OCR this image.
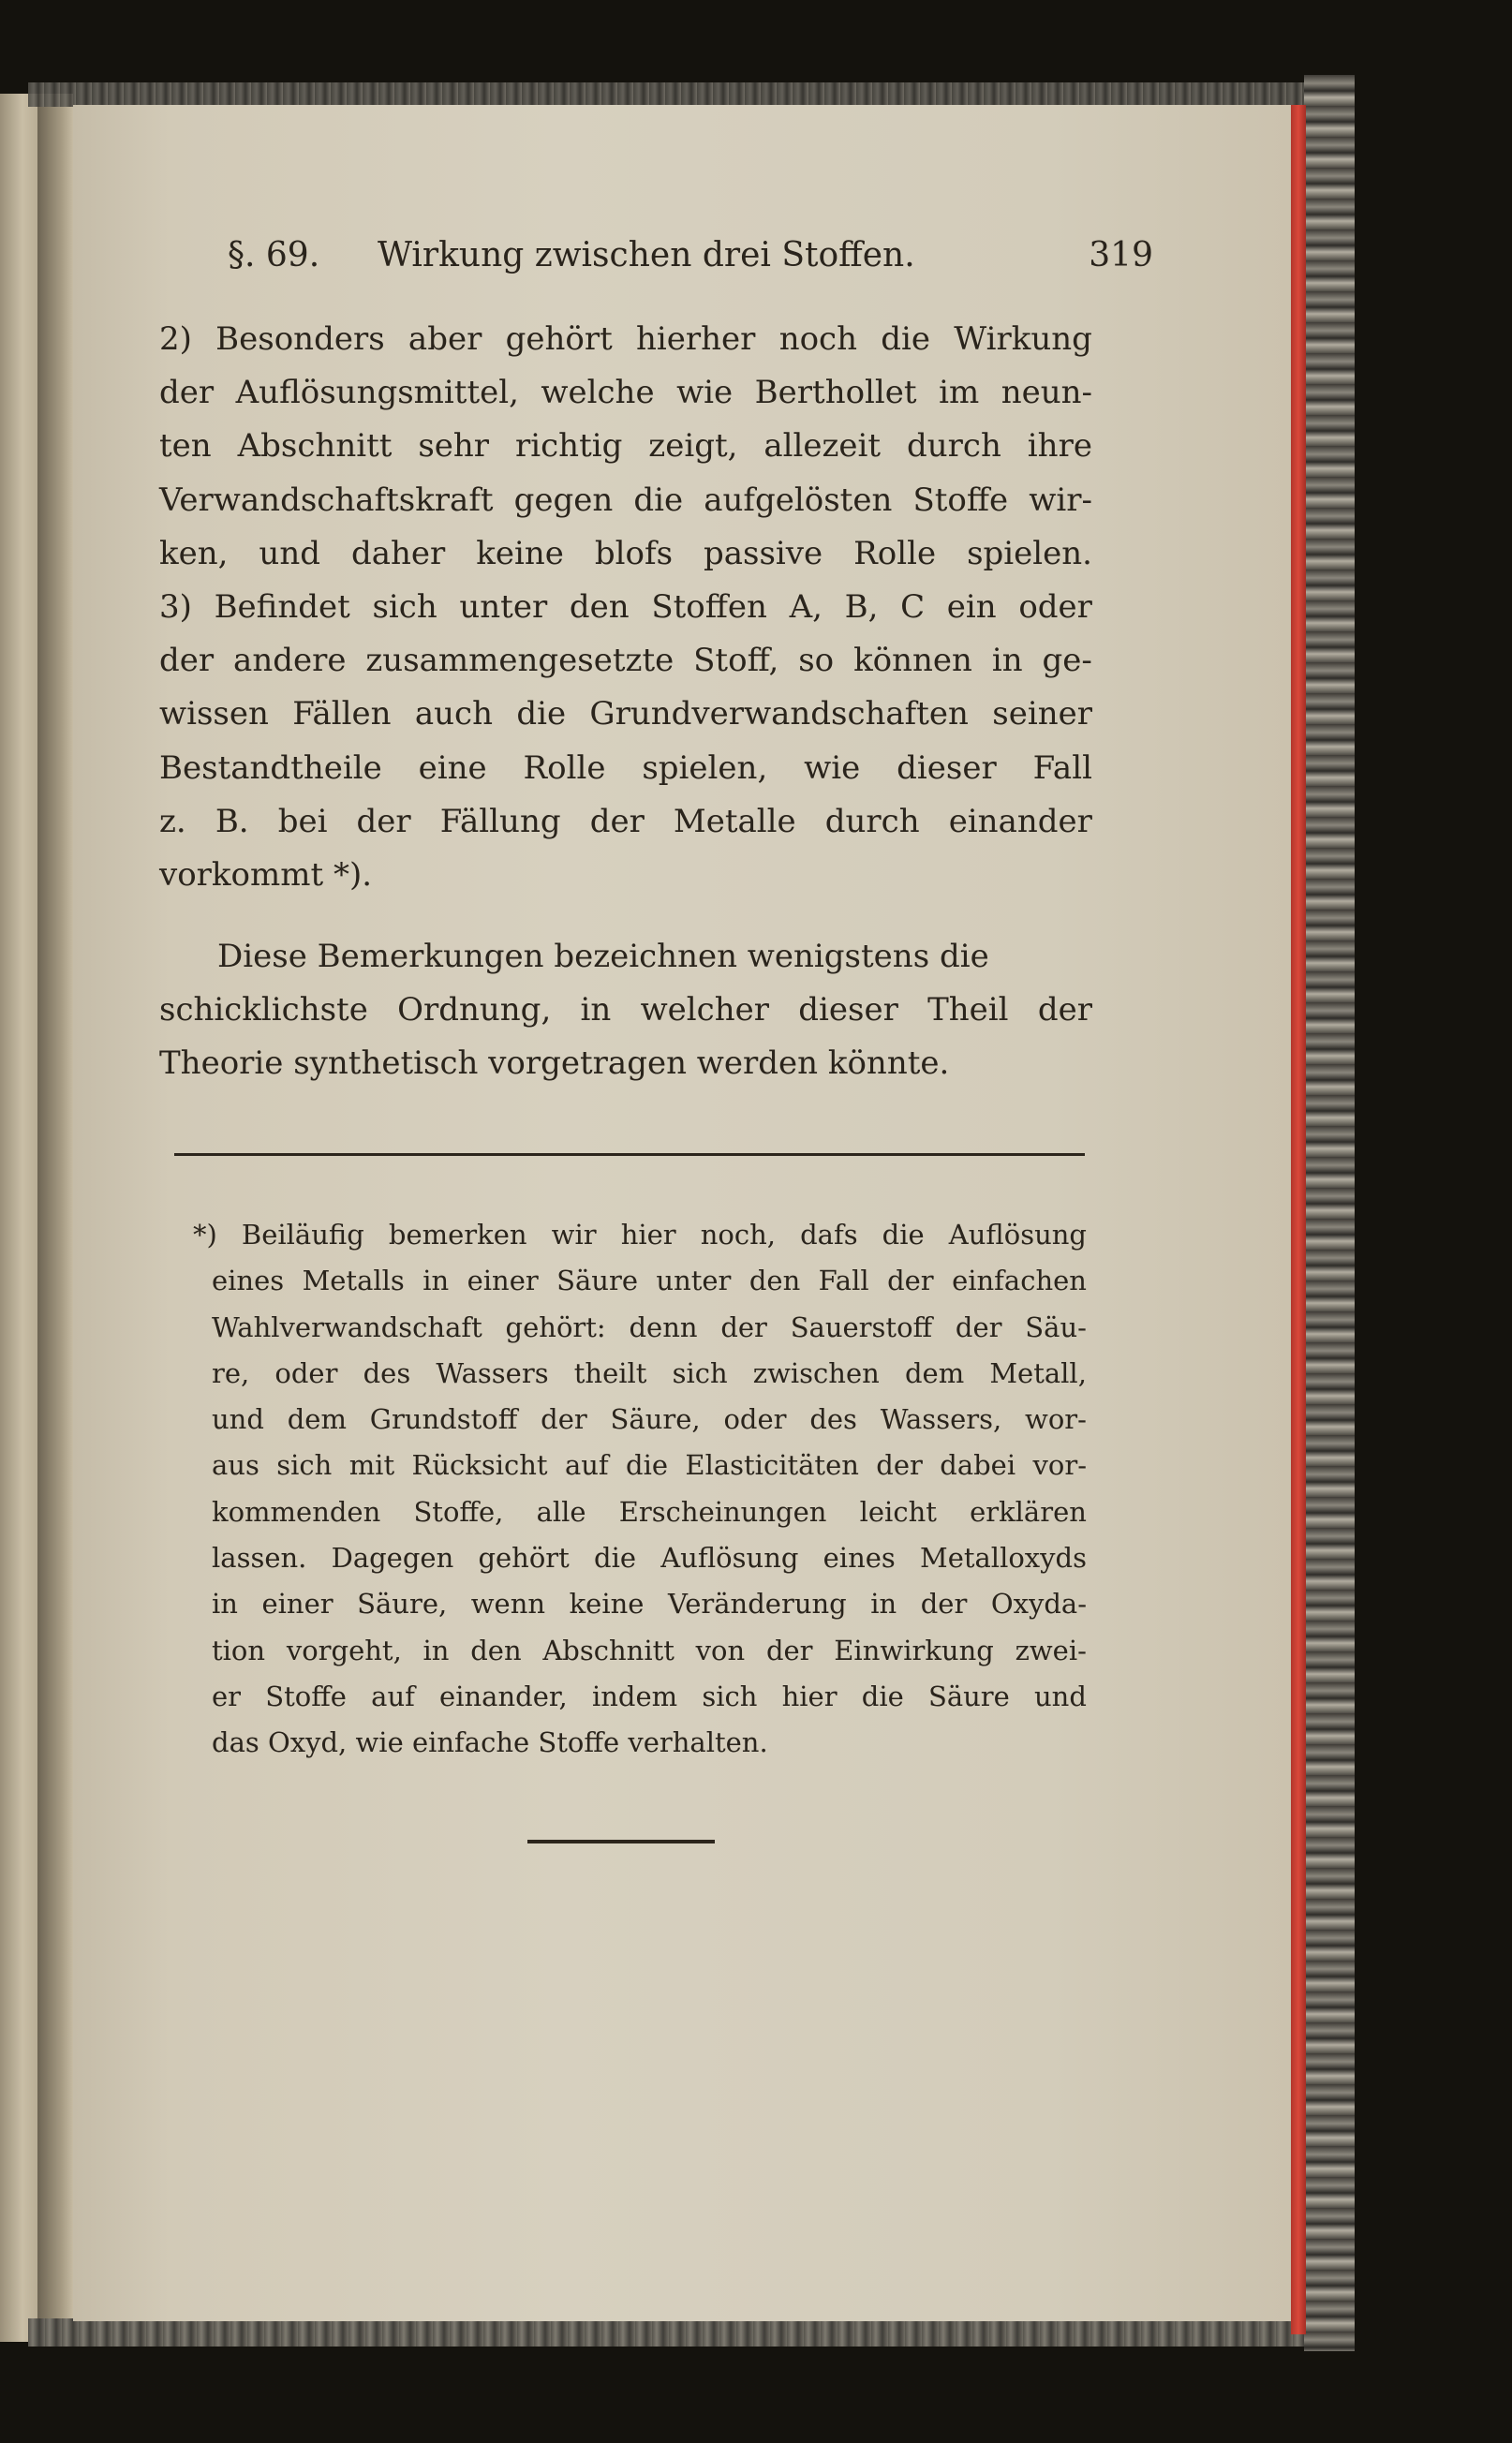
§. 69. Wirkung zwischen drei Stoffen.	319
2) Besonders aber gehört hierher noch die Wirkung
der Auflösungsmittel, welche wie Berthollet im neun-
ten Abschnitt sehr richtig zeigt, allezeit durch ihre
Verwandschaftskraft gegen die aufgelösten Stoffe wir-
ken, und daher keine blofs passive Rolle spielen.
3) Befindet sich unter den Stoffen A, B, C ein oder
der andere zusammengesetzte Stoff, so können in ge-
wissen Fällen auch die Grundverwandschaften seiner
Bestandtheile eine Rolle spielen, wie dieser Fall
z. B. bei der Fällung der Metalle durch einander
vorkommt *).
Diese Bemerkungen bezeichnen wenigstens die
schicklichste Ordnung, in welcher dieser Theil der
Theorie synthetisch vorgetragen werden könnte.
*) Beiläufig bemerken wir hier noch, dafs die Auflösung
eines Metalls in einer Säure unter den Fall der einfachen
Wahlverwandschaft gehört: denn der Sauerstoff der Säu-
re, oder des Wassers theilt sich zwischen dem Metall,
und dem Grundstoff der Säure, oder des Wassers, wor-
aus sich mit Rücksicht auf die Elasticitäten der dabei vor-
kommenden Stoffe, alle Erscheinungen leicht erklären
lassen. Dagegen gehört die Auflösung eines Metalloxyds
in einer Säure, wenn keine Veränderung in der Oxyda-
tion vorgeht, in den Abschnitt von der Einwirkung zwei-
er Stoffe auf einander, indem sich hier die Säure und
das Oxyd, wie einfache Stoffe verhalten.
